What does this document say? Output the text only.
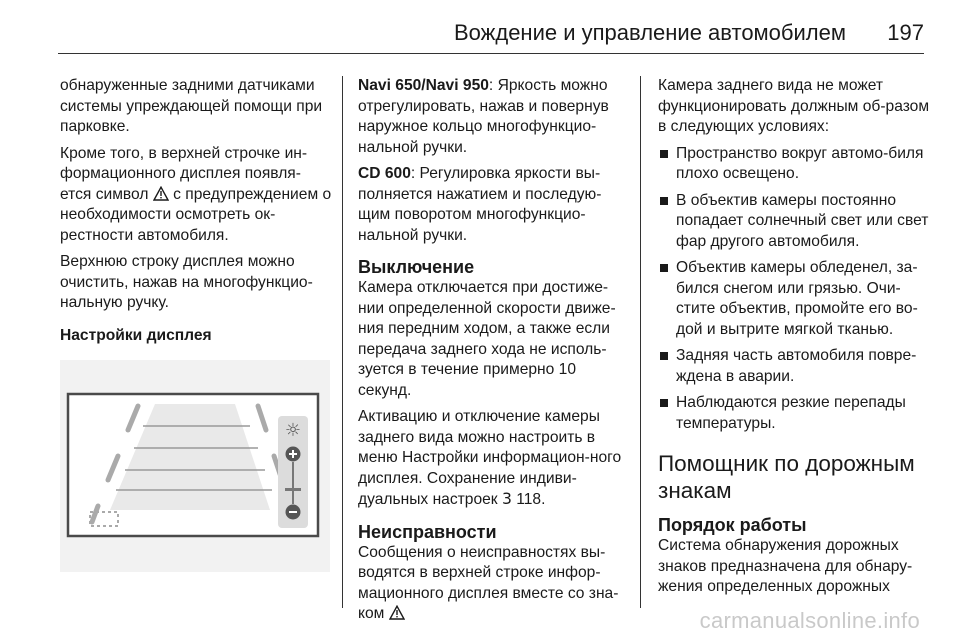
Вождение и управление автомобилем 197

обнаруженные задними датчиками системы упреждающей помощи при парковке.

Кроме того, в верхней строчке ин-формационного дисплея появля-ется символ с предупреждением о необходимости осмотреть ок-рестности автомобиля.

Верхнюю строку дисплея можно очистить, нажав на многофункцио-нальную ручку.

Настройки дисплея

☼

Navi 650/Navi 950: Яркость можно отрегулировать, нажав и повернув наружное кольцо многофункцио-нальной ручки.

CD 600: Регулировка яркости вы-полняется нажатием и последую-щим поворотом многофункцио-нальной ручки.

Выключение

Камера отключается при достиже-нии определенной скорости движе-ния передним ходом, а также если передача заднего хода не исполь-зуется в течение примерно 10 секунд.

Активацию и отключение камеры заднего вида можно настроить в меню Настройки информацион-ного дисплея. Сохранение индиви-дуальных настроек 3 118.

Неисправности

Сообщения о неисправностях вы-водятся в верхней строке инфор-мационного дисплея вместе со зна-ком

Камера заднего вида не может функционировать должным об-разом в следующих условиях:

Пространство вокруг автомо-биля плохо освещено.
В объектив камеры постоянно попадает солнечный свет или свет фар другого автомобиля.
Объектив камеры обледенел, за-бился снегом или грязью. Очи-стите объектив, промойте его во-дой и вытрите мягкой тканью.
Задняя часть автомобиля повре-ждена в аварии.
Наблюдаются резкие перепады температуры.
Помощник по дорожным знакам
Порядок работы

Система обнаружения дорожных знаков предназначена для обнару-жения определенных дорожных

carmanualsonline.info
